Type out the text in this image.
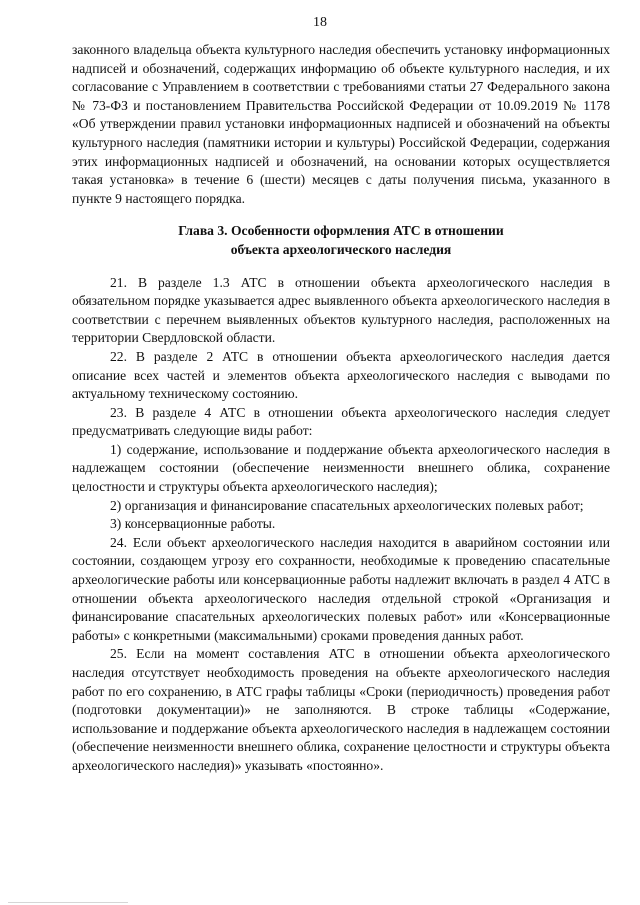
18

законного владельца объекта культурного наследия обеспечить установку информационных надписей и обозначений, содержащих информацию об объекте культурного наследия, и их согласование с Управлением в соответствии с требованиями статьи 27 Федерального закона № 73-ФЗ и постановлением Правительства Российской Федерации от 10.09.2019 № 1178 «Об утверждении правил установки информационных надписей и обозначений на объекты культурного наследия (памятники истории и культуры) Российской Федерации, содержания этих информационных надписей и обозначений, на основании которых осуществляется такая установка» в течение 6 (шести) месяцев с даты получения письма, указанного в пункте 9 настоящего порядка.

Глава 3. Особенности оформления АТС в отношении
объекта археологического наследия

21. В разделе 1.3 АТС в отношении объекта археологического наследия в обязательном порядке указывается адрес выявленного объекта археологического наследия в соответствии с перечнем выявленных объектов культурного наследия, расположенных на территории Свердловской области.

22. В разделе 2 АТС в отношении объекта археологического наследия дается описание всех частей и элементов объекта археологического наследия с выводами по актуальному техническому состоянию.

23. В разделе 4 АТС в отношении объекта археологического наследия следует предусматривать следующие виды работ:

1) содержание, использование и поддержание объекта археологического наследия в надлежащем состоянии (обеспечение неизменности внешнего облика, сохранение целостности и структуры объекта археологического наследия);

2) организация и финансирование спасательных археологических полевых работ;

3) консервационные работы.

24. Если объект археологического наследия находится в аварийном состоянии или состоянии, создающем угрозу его сохранности, необходимые к проведению спасательные археологические работы или консервационные работы надлежит включать в раздел 4 АТС в отношении объекта археологического наследия отдельной строкой «Организация и финансирование спасательных археологических полевых работ» или «Консервационные работы» с конкретными (максимальными) сроками проведения данных работ.

25. Если на момент составления АТС в отношении объекта археологического наследия отсутствует необходимость проведения на объекте археологического наследия работ по его сохранению, в АТС графы таблицы «Сроки (периодичность) проведения работ (подготовки документации)» не заполняются. В строке таблицы «Содержание, использование и поддержание объекта археологического наследия в надлежащем состоянии (обеспечение неизменности внешнего облика, сохранение целостности и структуры объекта археологического наследия)» указывать «постоянно».
